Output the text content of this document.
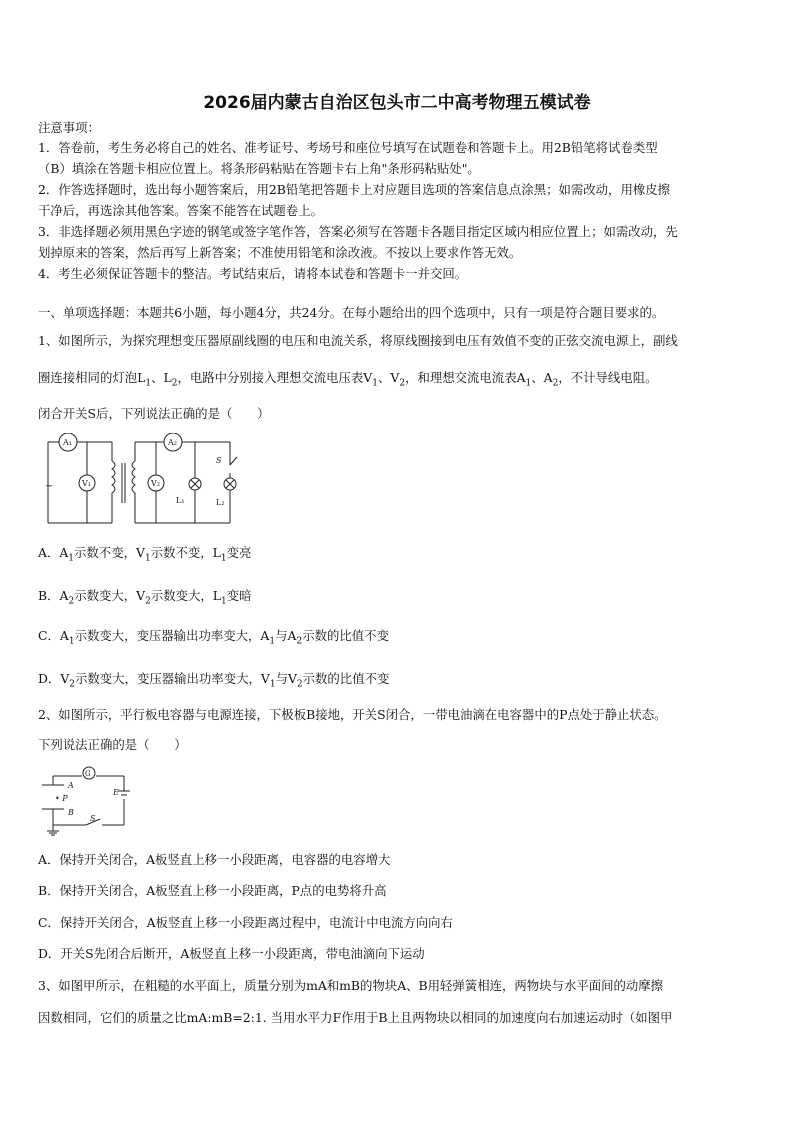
2026届内蒙古自治区包头市二中高考物理五模试卷
注意事项：
1．答卷前，考生务必将自己的姓名、准考证号、考场号和座位号填写在试题卷和答题卡上。用2B铅笔将试卷类型
（B）填涂在答题卡相应位置上。将条形码粘贴在答题卡右上角"条形码粘贴处"。
2．作答选择题时，选出每小题答案后，用2B铅笔把答题卡上对应题目选项的答案信息点涂黑；如需改动，用橡皮擦
干净后，再选涂其他答案。答案不能答在试题卷上。
3．非选择题必须用黑色字迹的钢笔或签字笔作答，答案必须写在答题卡各题目指定区域内相应位置上；如需改动，先
划掉原来的答案，然后再写上新答案；不准使用铅笔和涂改液。不按以上要求作答无效。
4．考生必须保证答题卡的整洁。考试结束后，请将本试卷和答题卡一并交回。
一、单项选择题：本题共6小题，每小题4分，共24分。在每小题给出的四个选项中，只有一项是符合题目要求的。
1、如图所示，为探究理想变压器原副线圈的电压和电流关系，将原线圈接到电压有效值不变的正弦交流电源上，副线
圈连接相同的灯泡$L_1$、$L_2$，电路中分别接入理想交流电压表$V_1$、$V_2$，和理想交流电流表$A_1$、$A_2$，不计导线电阻。
闭合开关S后，下列说法正确的是（　　）
A₁	A₂
V₁	V₂
L₁	L₂
S
~
A．$A_1$示数不变，$V_1$示数不变，$L_1$变亮
B．$A_2$示数变大，$V_2$示数变大，$L_1$变暗
C．$A_1$示数变大，变压器输出功率变大，$A_1$与$A_2$示数的比值不变
D．$V_2$示数变大，变压器输出功率变大，$V_1$与$V_2$示数的比值不变
2、如图所示，平行板电容器与电源连接，下极板B接地，开关S闭合，一带电油滴在电容器中的P点处于静止状态。
下列说法正确的是（　　）
G
A
• P
B
E
S
A．保持开关闭合，A板竖直上移一小段距离，电容器的电容增大
B．保持开关闭合，A板竖直上移一小段距离，P点的电势将升高
C．保持开关闭合，A板竖直上移一小段距离过程中，电流计中电流方向向右
D．开关S先闭合后断开，A板竖直上移一小段距离，带电油滴向下运动
3、如图甲所示，在粗糙的水平面上，质量分别为mA和mB的物块A、B用轻弹簧相连，两物块与水平面间的动摩擦
因数相同，它们的质量之比mA:mB=2:1. 当用水平力F作用于B上且两物块以相同的加速度向右加速运动时（如图甲
